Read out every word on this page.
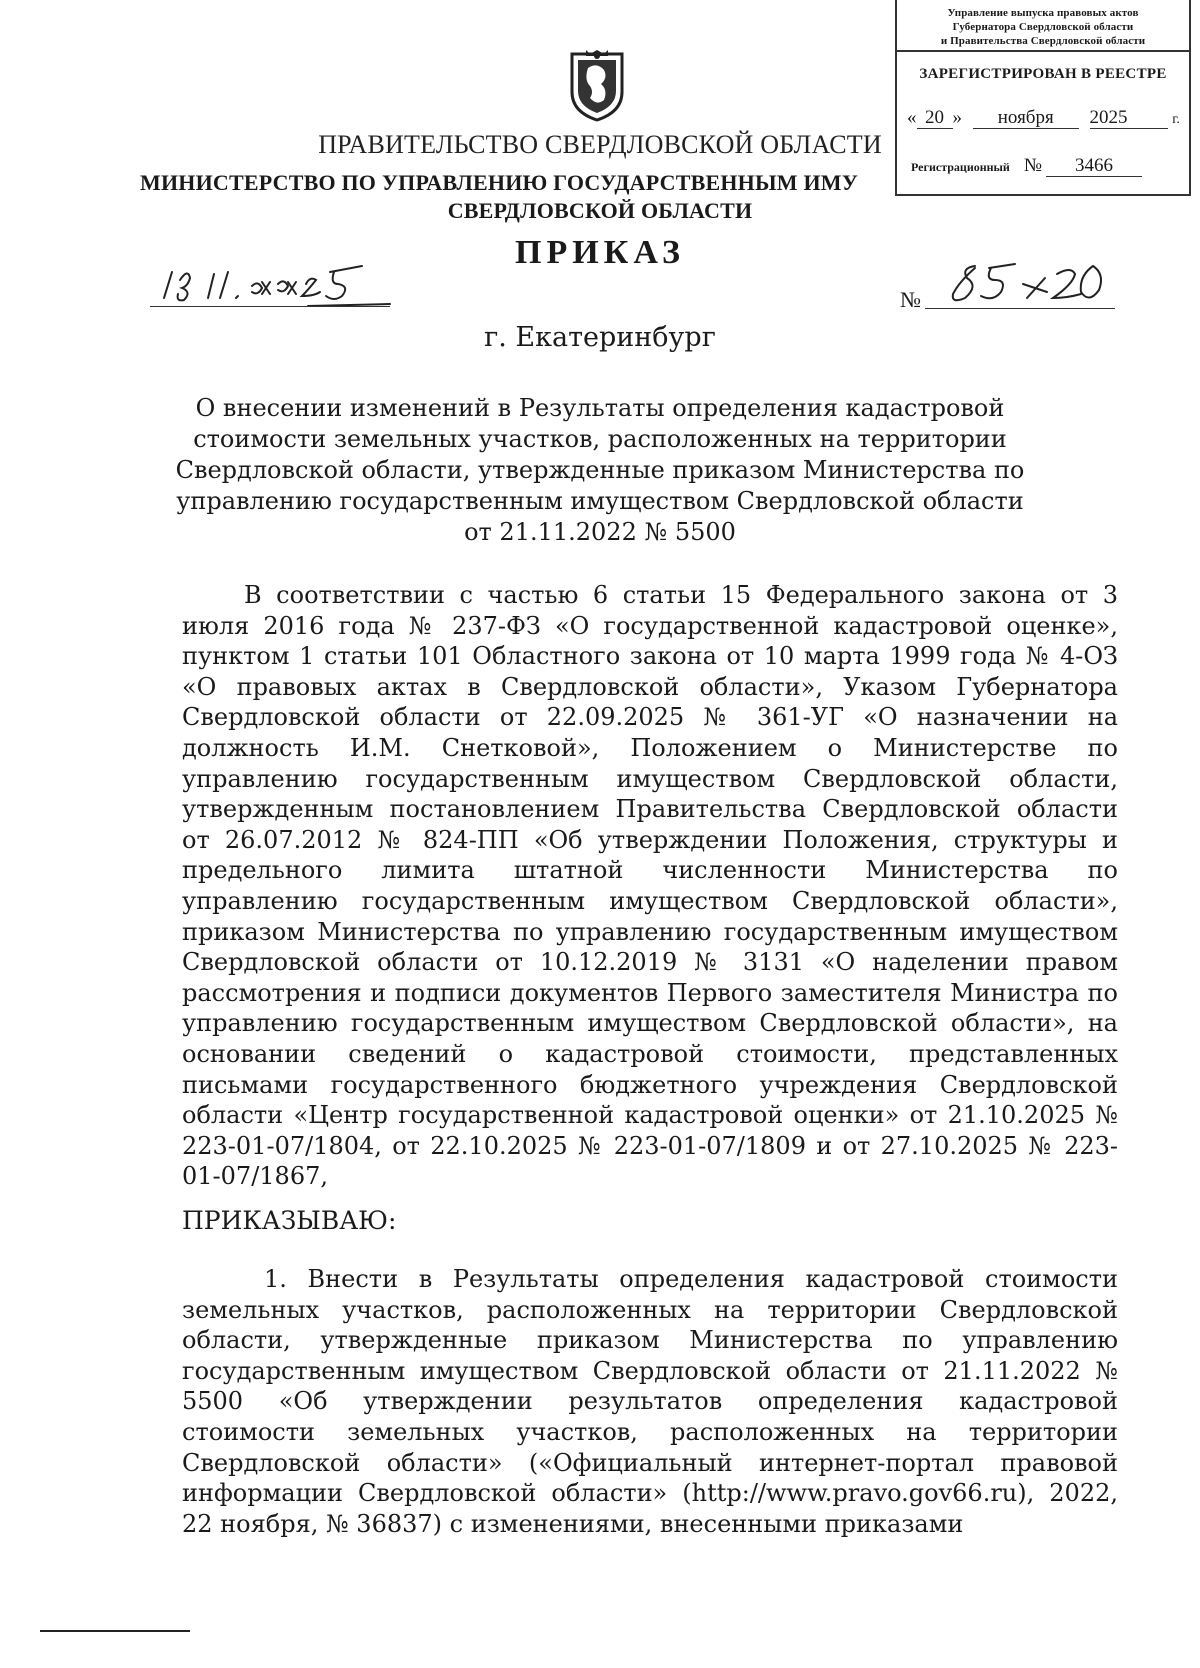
Управление выпуска правовых актов
Губернатора Свердловской области
и Правительства Свердловской области
ЗАРЕГИСТРИРОВАН В РЕЕСТРЕ
« 20 » ноября 2025	г.
Регистрационный № 3466
ПРАВИТЕЛЬСТВО СВЕРДЛОВСКОЙ ОБЛАСТИ
МИНИСТЕРСТВО ПО УПРАВЛЕНИЮ ГОСУДАРСТВЕННЫМ ИМУ
СВЕРДЛОВСКОЙ ОБЛАСТИ
ПРИКАЗ
№
г. Екатеринбург
О внесении изменений в Результаты определения кадастровой стоимости земельных участков, расположенных на территории Свердловской области, утвержденные приказом Министерства по управлению государственным имуществом Свердловской области от 21.11.2022 № 5500
В соответствии с частью 6 статьи 15 Федерального закона от 3 июля 2016 года № 237-ФЗ «О государственной кадастровой оценке», пунктом 1 статьи 101 Областного закона от 10 марта 1999 года № 4-ОЗ «О правовых актах в Свердловской области», Указом Губернатора Свердловской области от 22.09.2025 № 361-УГ «О назначении на должность И.М. Снетковой», Положением о Министерстве по управлению государственным имуществом Свердловской области, утвержденным постановлением Правительства Свердловской области от 26.07.2012 № 824-ПП «Об утверждении Положения, структуры и предельного лимита штатной численности Министерства по управлению государственным имуществом Свердловской области», приказом Министерства по управлению государственным имуществом Свердловской области от 10.12.2019 № 3131 «О наделении правом рассмотрения и подписи документов Первого заместителя Министра по управлению государственным имуществом Свердловской области», на основании сведений о кадастровой стоимости, представленных письмами государственного бюджетного учреждения Свердловской области «Центр государственной кадастровой оценки» от 21.10.2025 № 223-01-07/1804, от 22.10.2025 № 223-01-07/1809 и от 27.10.2025 № 223-01-07/1867,
ПРИКАЗЫВАЮ:
1. Внести в Результаты определения кадастровой стоимости земельных участков, расположенных на территории Свердловской области, утвержденные приказом Министерства по управлению государственным имуществом Свердловской области от 21.11.2022 № 5500 «Об утверждении результатов определения кадастровой стоимости земельных участков, расположенных на территории Свердловской области» («Официальный интернет-портал правовой информации Свердловской области» (http://www.pravo.gov66.ru), 2022, 22 ноября, № 36837) с изменениями, внесенными приказами
